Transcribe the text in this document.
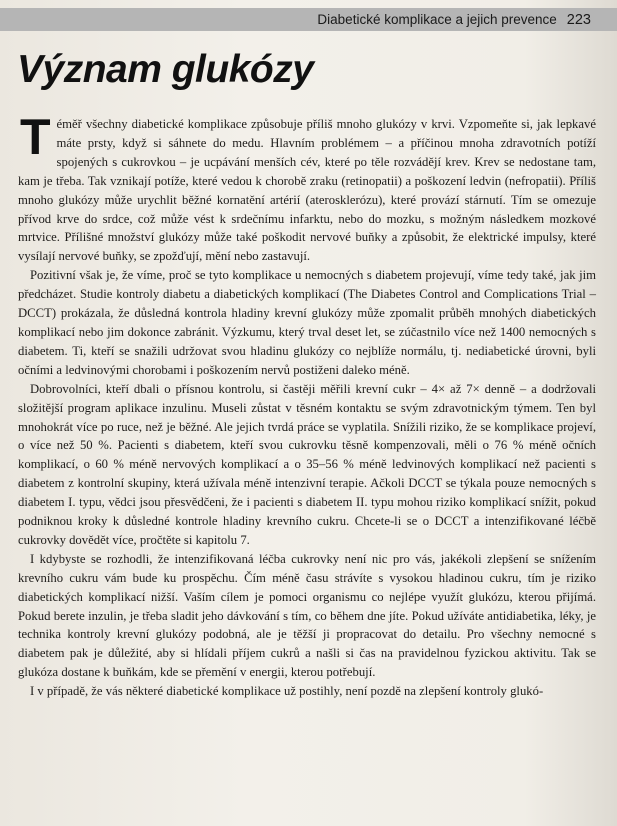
Diabetické komplikace a jejich prevence 223
Význam glukózy

Téměř všechny diabetické komplikace způsobuje příliš mnoho glukózy v krvi. Vzpomeňte si, jak lepkavé máte prsty, když si sáhnete do medu. Hlavním problémem – a příčinou mnoha zdravotních potíží spojených s cukrovkou – je ucpávání menších cév, které po těle rozvádějí krev. Krev se nedostane tam, kam je třeba. Tak vznikají potíže, které vedou k chorobě zraku (retinopatii) a poškození ledvin (nefropatii). Příliš mnoho glukózy může urychlit běžné kornatění artérií (aterosklerózu), které provází stárnutí. Tím se omezuje přívod krve do srdce, což může vést k srdečnímu infarktu, nebo do mozku, s možným následkem mozkové mrtvice. Přílišné množství glukózy může také poškodit nervové buňky a způsobit, že elektrické impulsy, které vysílají nervové buňky, se zpožďují, mění nebo zastavují.

Pozitivní však je, že víme, proč se tyto komplikace u nemocných s diabetem projevují, víme tedy také, jak jim předcházet. Studie kontroly diabetu a diabetických komplikací (The Diabetes Control and Complications Trial – DCCT) prokázala, že důsledná kontrola hladiny krevní glukózy může zpomalit průběh mnohých diabetických komplikací nebo jim dokonce zabránit. Výzkumu, který trval deset let, se zúčastnilo více než 1400 nemocných s diabetem. Ti, kteří se snažili udržovat svou hladinu glukózy co nejblíže normálu, tj. nediabetické úrovni, byli očními a ledvinovými chorobami i poškozením nervů postiženi daleko méně.

Dobrovolníci, kteří dbali o přísnou kontrolu, si častěji měřili krevní cukr – 4× až 7× denně – a dodržovali složitější program aplikace inzulinu. Museli zůstat v těsném kontaktu se svým zdravotnickým týmem. Ten byl mnohokrát více po ruce, než je běžné. Ale jejich tvrdá práce se vyplatila. Snížili riziko, že se komplikace projeví, o více než 50 %. Pacienti s diabetem, kteří svou cukrovku těsně kompenzovali, měli o 76 % méně očních komplikací, o 60 % méně nervových komplikací a o 35–56 % méně ledvinových komplikací než pacienti s diabetem z kontrolní skupiny, která užívala méně intenzivní terapie. Ačkoli DCCT se týkala pouze nemocných s diabetem I. typu, vědci jsou přesvědčeni, že i pacienti s diabetem II. typu mohou riziko komplikací snížit, pokud podniknou kroky k důsledné kontrole hladiny krevního cukru. Chcete-li se o DCCT a intenzifikované léčbě cukrovky dovědět více, pročtěte si kapitolu 7.

I kdybyste se rozhodli, že intenzifikovaná léčba cukrovky není nic pro vás, jakékoli zlepšení se snížením krevního cukru vám bude ku prospěchu. Čím méně času strávíte s vysokou hladinou cukru, tím je riziko diabetických komplikací nižší. Vaším cílem je pomoci organismu co nejlépe využít glukózu, kterou přijímá. Pokud berete inzulin, je třeba sladit jeho dávkování s tím, co během dne jíte. Pokud užíváte antidiabetika, léky, je technika kontroly krevní glukózy podobná, ale je těžší ji propracovat do detailu. Pro všechny nemocné s diabetem pak je důležité, aby si hlídali příjem cukrů a našli si čas na pravidelnou fyzickou aktivitu. Tak se glukóza dostane k buňkám, kde se přemění v energii, kterou potřebují.

I v případě, že vás některé diabetické komplikace už postihly, není pozdě na zlepšení kontroly glukó-
